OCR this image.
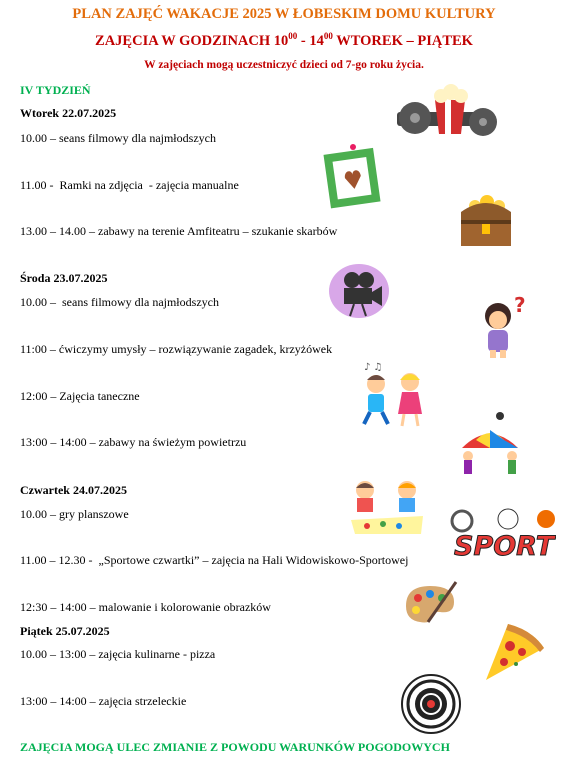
PLAN ZAJĘĆ WAKACJE 2025 W ŁOBESKIM DOMU KULTURY
ZAJĘCIA W GODZINACH $10^{00} - 14^{00}$ WTOREK – PIĄTEK
W zajęciach mogą uczestniczyć dzieci od 7-go roku życia.
IV TYDZIEŃ
Wtorek 22.07.2025
10.00 – seans filmowy dla najmłodszych
11.00 -  Ramki na zdjęcia  - zajęcia manualne
13.00 – 14.00 – zabawy na terenie Amfiteatru – szukanie skarbów
Środa 23.07.2025
10.00 –  seans filmowy dla najmłodszych
11:00 – ćwiczymy umysły – rozwiązywanie zagadek, krzyżówek
12:00 – Zajęcia taneczne
13:00 – 14:00 – zabawy na świeżym powietrzu
Czwartek 24.07.2025
10.00 – gry planszowe
11.00 – 12.30 -  „Sportowe czwartki” – zajęcia na Hali Widowiskowo-Sportowej
12:30 – 14:00 – malowanie i kolorowanie obrazków
Piątek 25.07.2025
10.00 – 13:00 – zajęcia kulinarne - pizza
13:00 – 14:00 – zajęcia strzeleckie
ZAJĘCIA MOGĄ ULEC ZMIANIE Z POWODU WARUNKÓW POGODOWYCH
?
♪ ♫
SPORT
